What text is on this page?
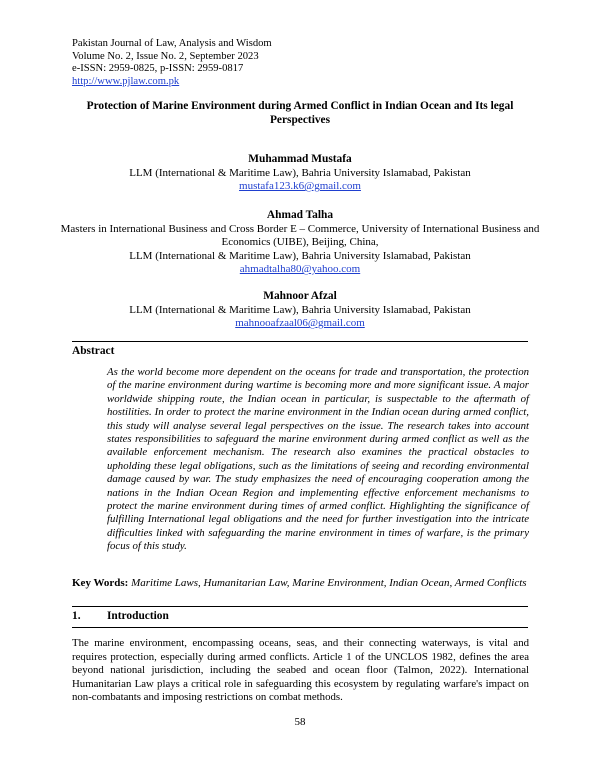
Pakistan Journal of Law, Analysis and Wisdom
Volume No. 2, Issue No. 2, September 2023
e-ISSN: 2959-0825, p-ISSN: 2959-0817
http://www.pjlaw.com.pk
Protection of Marine Environment during Armed Conflict in Indian Ocean and Its legal Perspectives
Muhammad Mustafa
LLM (International & Maritime Law), Bahria University Islamabad, Pakistan
mustafa123.k6@gmail.com
Ahmad Talha
Masters in International Business and Cross Border E – Commerce, University of International Business and Economics (UIBE), Beijing, China,
LLM (International & Maritime Law), Bahria University Islamabad, Pakistan
ahmadtalha80@yahoo.com
Mahnoor Afzal
LLM (International & Maritime Law), Bahria University Islamabad, Pakistan
mahnooafzaal06@gmail.com
Abstract
As the world become more dependent on the oceans for trade and transportation, the protection of the marine environment during wartime is becoming more and more significant issue. A major worldwide shipping route, the Indian ocean in particular, is suspectable to the aftermath of hostilities. In order to protect the marine environment in the Indian ocean during armed conflict, this study will analyse several legal perspectives on the issue. The research takes into account states responsibilities to safeguard the marine environment during armed conflict as well as the available enforcement mechanism. The research also examines the practical obstacles to upholding these legal obligations, such as the limitations of seeing and recording environmental damage caused by war. The study emphasizes the need of encouraging cooperation among the nations in the Indian Ocean Region and implementing effective enforcement mechanisms to protect the marine environment during times of armed conflict. Highlighting the significance of fulfilling International legal obligations and the need for further investigation into the intricate difficulties linked with safeguarding the marine environment in times of warfare, is the primary focus of this study.
Key Words: Maritime Laws, Humanitarian Law, Marine Environment, Indian Ocean, Armed Conflicts
1. Introduction
The marine environment, encompassing oceans, seas, and their connecting waterways, is vital and requires protection, especially during armed conflicts. Article 1 of the UNCLOS 1982, defines the area beyond national jurisdiction, including the seabed and ocean floor (Talmon, 2022). International Humanitarian Law plays a critical role in safeguarding this ecosystem by regulating warfare's impact on non-combatants and imposing restrictions on combat methods.
58
